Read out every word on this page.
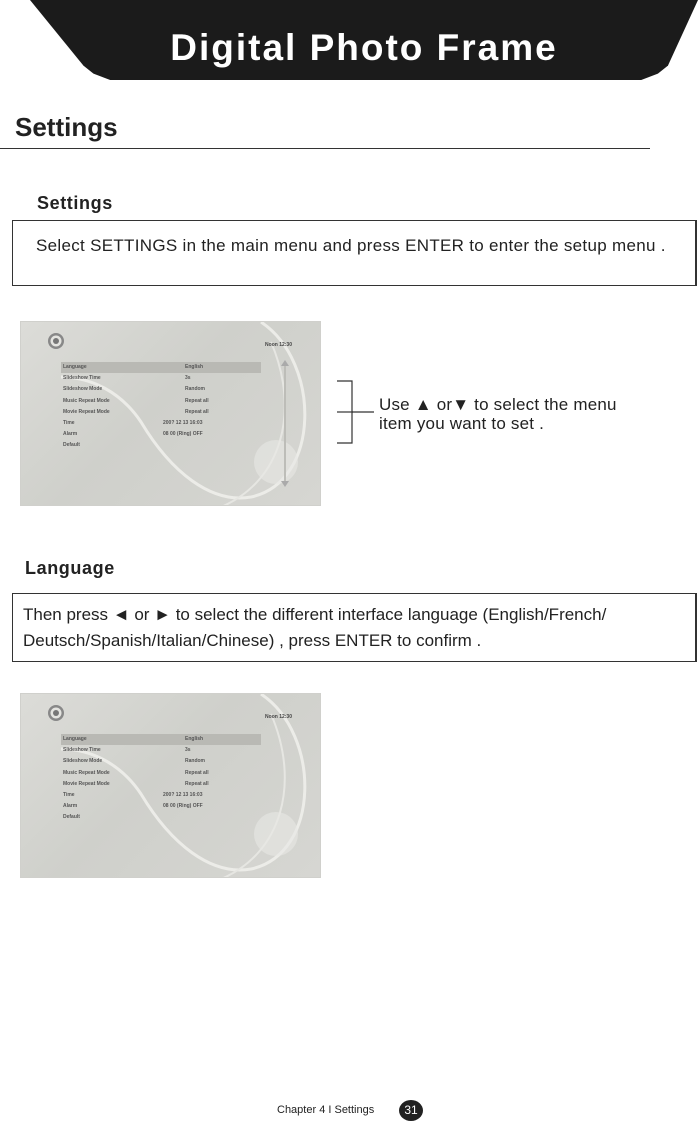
Digital Photo Frame
Settings
Settings
Select SETTINGS in the main menu and press ENTER to enter the setup menu .
Noon 12:30
Language	English
Slideshow Time	3s
Slideshow Mode	Random
Music Repeat Mode	Repeat all
Movie Repeat Mode	Repeat all
Time	200? 12 13 16:03
Alarm	08 00 (Ring) OFF
Default
Use ▲ or▼ to select the menu
item you want to set .
Language
Then press ◄ or ► to select the different interface language (English/French/
Deutsch/Spanish/Italian/Chinese) , press ENTER to confirm .
Noon 12:30
Language	English
Slideshow Time	3s
Slideshow Mode	Random
Music Repeat Mode	Repeat all
Movie Repeat Mode	Repeat all
Time	200? 12 13 16:03
Alarm	08 00 (Ring) OFF
Default
Chapter 4 I Settings	31
